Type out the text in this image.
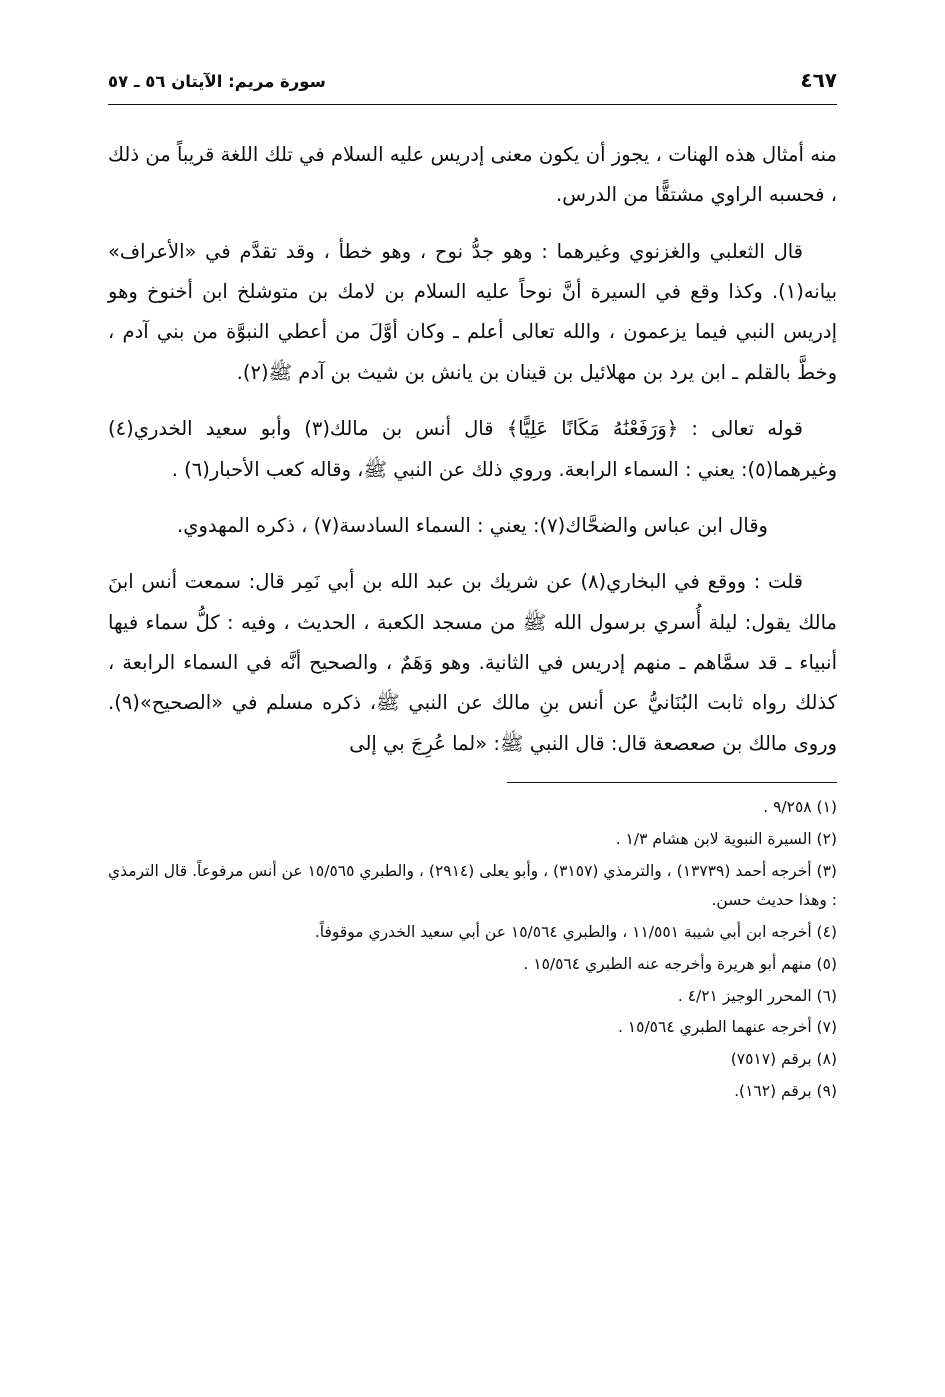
سورة مريم: الآيتان ٥٦ ـ ٥٧	٤٦٧

منه أمثال هذه الهنات ، يجوز أن يكون معنى إدريس عليه السلام في تلك اللغة قريباً من ذلك ، فحسبه الراوي مشتقًّا من الدرس.

قال الثعلبي والغزنوي وغيرهما : وهو جدُّ نوح ، وهو خطأ ، وقد تقدَّم في «الأعراف» بيانه(١). وكذا وقع في السيرة أنَّ نوحاً عليه السلام بن لامك بن متوشلخ ابن أخنوخ وهو إدريس النبي فيما يزعمون ، والله تعالى أعلم ـ وكان أوَّلَ من أعطي النبوَّة من بني آدم ، وخطَّ بالقلم ـ ابن يرد بن مهلائيل بن قينان بن يانش بن شيث بن آدم ﷺ(٢).

قوله تعالى : ﴿وَرَفَعْنَٰهُ مَكَانًا عَلِيًّا﴾ قال أنس بن مالك(٣) وأبو سعيد الخدري(٤) وغيرهما(٥): يعني : السماء الرابعة. وروي ذلك عن النبي ﷺ، وقاله كعب الأحبار(٦) .

وقال ابن عباس والضحَّاك(٧): يعني : السماء السادسة(٧) ، ذكره المهدوي.

قلت : ووقع في البخاري(٨) عن شريك بن عبد الله بن أبي نَمِر قال: سمعت أنس ابنَ مالك يقول: ليلة أُسري برسول الله ﷺ من مسجد الكعبة ، الحديث ، وفيه : كلُّ سماء فيها أنبياء ـ قد سمَّاهم ـ منهم إدريس في الثانية. وهو وَهَمٌ ، والصحيح أنَّه في السماء الرابعة ، كذلك رواه ثابت البُنَانيُّ عن أنس بنِ مالك عن النبي ﷺ، ذكره مسلم في «الصحيح»(٩). وروى مالك بن صعصعة قال: قال النبي ﷺ: «لما عُرِجَ بي إلى

(١) ٩/٢٥٨ .

(٢) السيرة النبوية لابن هشام ١/٣ .

(٣) أخرجه أحمد (١٣٧٣٩) ، والترمذي (٣١٥٧) ، وأبو يعلى (٢٩١٤) ، والطبري ١٥/٥٦٥ عن أنس مرفوعاً. قال الترمذي : وهذا حديث حسن.

(٤) أخرجه ابن أبي شيبة ١١/٥٥١ ، والطبري ١٥/٥٦٤ عن أبي سعيد الخدري موقوفاً.

(٥) منهم أبو هريرة وأخرجه عنه الطبري ١٥/٥٦٤ .

(٦) المحرر الوجيز ٤/٢١ .

(٧) أخرجه عنهما الطبري ١٥/٥٦٤ .

(٨) برقم (٧٥١٧)

(٩) برقم (١٦٢).
